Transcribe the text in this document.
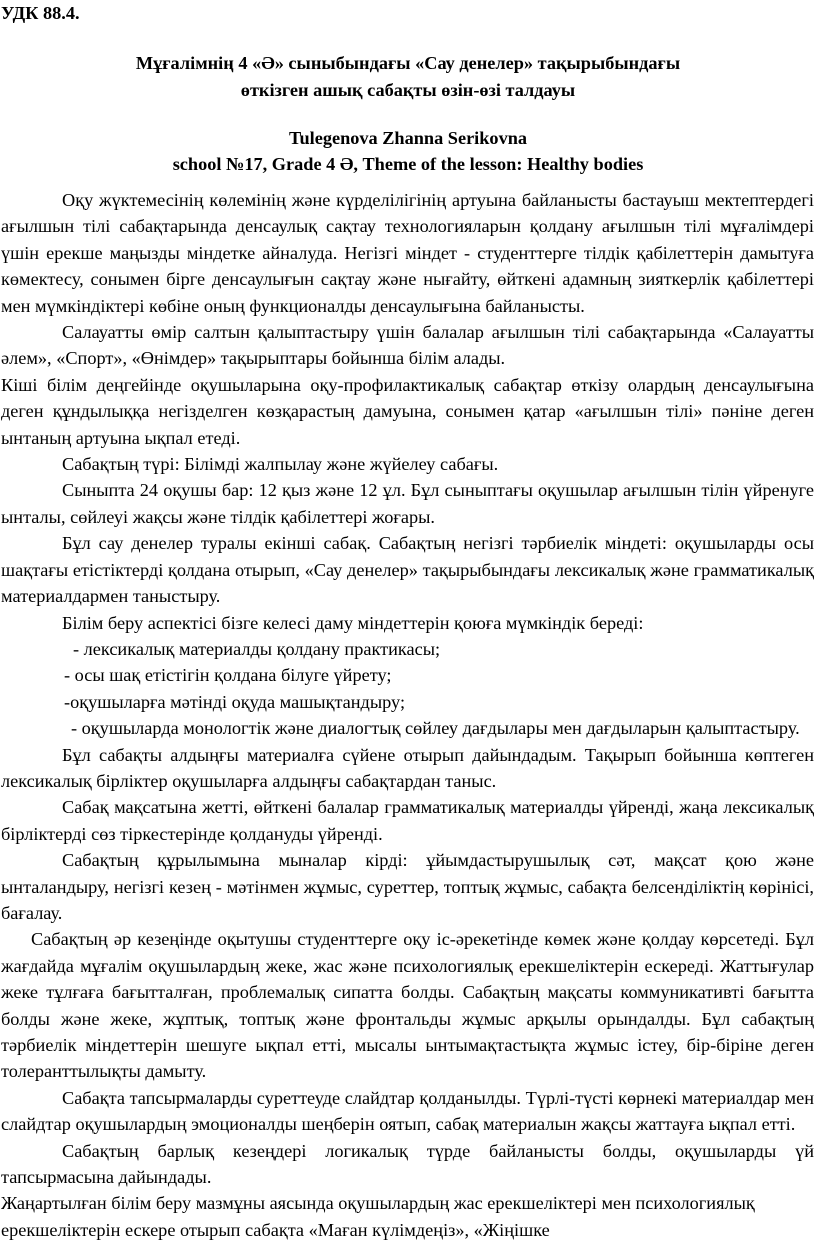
УДК 88.4.

Мұғалімнің 4 «Ә» сыныбындағы «Сау денелер» тақырыбындағы

өткізген ашық сабақты өзін-өзі талдауы

Tulegenova Zhanna Serikovna

school №17, Grade 4 Ә, Theme of the lesson: Healthy bodies

Оқу жүктемесінің көлемінің және күрделілігінің артуына байланысты бастауыш мектептердегі ағылшын тілі сабақтарында денсаулық сақтау технологияларын қолдану ағылшын тілі мұғалімдері үшін ерекше маңызды міндетке айналуда. Негізгі міндет - студенттерге тілдік қабілеттерін дамытуға көмектесу, сонымен бірге денсаулығын сақтау және нығайту, өйткені адамның зияткерлік қабілеттері мен мүмкіндіктері көбіне оның функционалды денсаулығына байланысты.

Салауатты өмір салтын қалыптастыру үшін балалар ағылшын тілі сабақтарында «Салауатты әлем», «Спорт», «Өнімдер» тақырыптары бойынша білім алады.

Кіші білім деңгейінде оқушыларына оқу-профилактикалық сабақтар өткізу олардың денсаулығына деген құндылыққа негізделген көзқарастың дамуына, сонымен қатар «ағылшын тілі» пәніне деген ынтаның артуына ықпал етеді.

Сабақтың түрі: Білімді жалпылау және жүйелеу сабағы.

Сыныпта 24 оқушы бар: 12 қыз және 12 ұл. Бұл сыныптағы оқушылар ағылшын тілін үйренуге ынталы, сөйлеуі жақсы және тілдік қабілеттері жоғары.

Бұл сау денелер туралы екінші сабақ. Сабақтың негізгі тәрбиелік міндеті: оқушыларды осы шақтағы етістіктерді қолдана отырып, «Сау денелер» тақырыбындағы лексикалық және грамматикалық материалдармен таныстыру.

Білім беру аспектісі бізге келесі даму міндеттерін қоюға мүмкіндік береді:

- лексикалық материалды қолдану практикасы;

- осы шақ етістігін қолдана білуге үйрету;

-оқушыларға мәтінді оқуда машықтандыру;

- оқушыларда монологтік және диалогтық сөйлеу дағдылары мен дағдыларын қалыптастыру.

Бұл сабақты алдыңғы материалға сүйене отырып дайындадым. Тақырып бойынша көптеген лексикалық бірліктер оқушыларға алдыңғы сабақтардан таныс.

Сабақ мақсатына жетті, өйткені балалар грамматикалық материалды үйренді, жаңа лексикалық бірліктерді сөз тіркестерінде қолдануды үйренді.

Сабақтың құрылымына мыналар кірді: ұйымдастырушылық сәт, мақсат қою және ынталандыру, негізгі кезең - мәтінмен жұмыс, суреттер, топтық жұмыс, сабақта белсенділіктің көрінісі, бағалау.

Сабақтың әр кезеңінде оқытушы студенттерге оқу іс-әрекетінде көмек және қолдау көрсетеді. Бұл жағдайда мұғалім оқушылардың жеке, жас және психологиялық ерекшеліктерін ескереді. Жаттығулар жеке тұлғаға бағытталған, проблемалық сипатта болды. Сабақтың мақсаты коммуникативті бағытта болды және жеке, жұптық, топтық және фронтальды жұмыс арқылы орындалды. Бұл сабақтың тәрбиелік міндеттерін шешуге ықпал етті, мысалы ынтымақтастықта жұмыс істеу, бір-біріне деген толеранттылықты дамыту.

Сабақта тапсырмаларды суреттеуде слайдтар қолданылды. Түрлі-түсті көрнекі материалдар мен слайдтар оқушылардың эмоционалды шеңберін оятып, сабақ материалын жақсы жаттауға ықпал етті.

Сабақтың барлық кезеңдері логикалық түрде байланысты болды, оқушыларды үй тапсырмасына дайындады.

Жаңартылған білім беру мазмұны аясында оқушылардың жас ерекшеліктері мен психологиялық ерекшеліктерін ескере отырып сабақта «Маған күлімдеңіз», «Жіңішке
